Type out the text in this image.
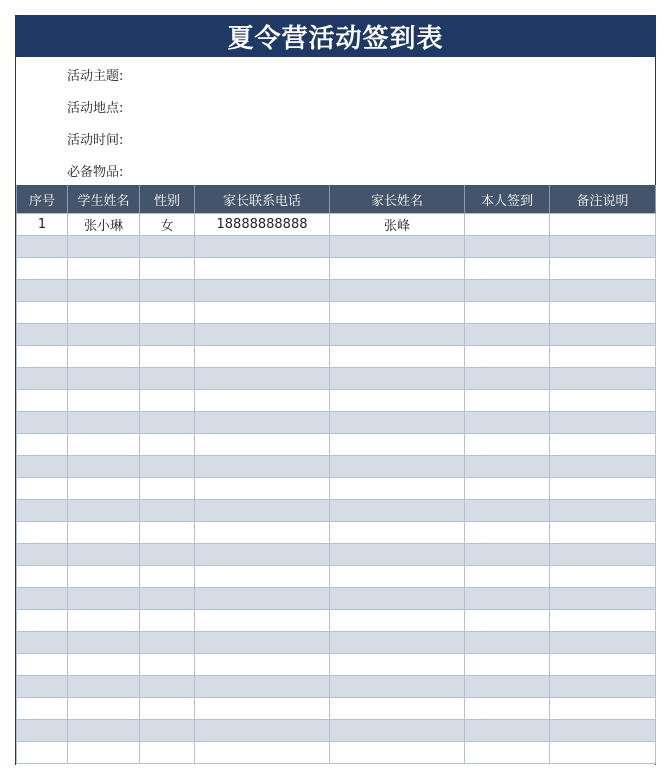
夏令营活动签到表
活动主题:
活动地点:
活动时间:
必备物品:
序号	学生姓名	性别	家长联系电话	家长姓名	本人签到	备注说明
1	张小琳	女	18888888888	张峰		
